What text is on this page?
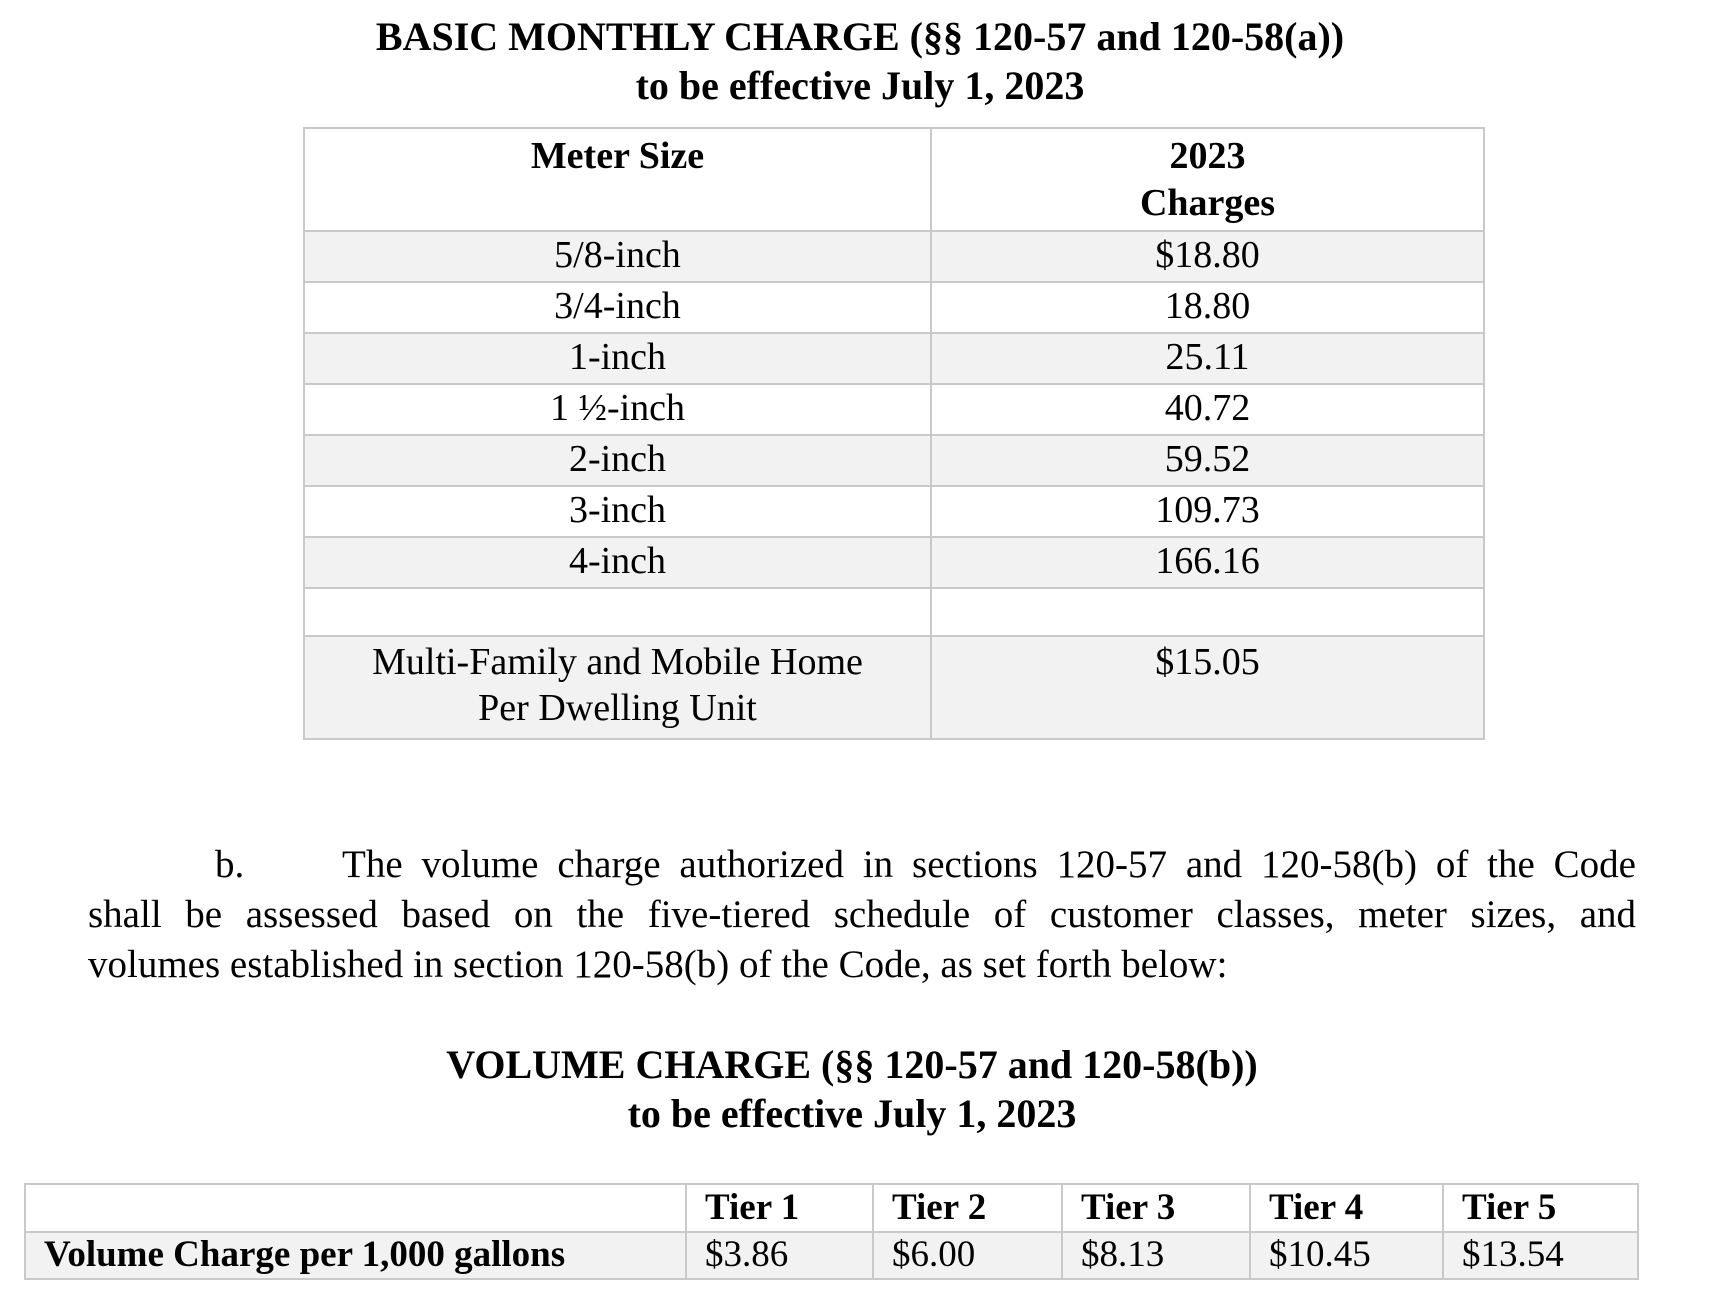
BASIC MONTHLY CHARGE (§§ 120-57 and 120-58(a))
to be effective July 1, 2023
Meter Size	2023
Charges

5/8-inch	$18.80
3/4-inch	18.80
1-inch	25.11
1 ½-inch	40.72
2-inch	59.52
3-inch	109.73
4-inch	166.16

Multi-Family and Mobile Home
Per Dwelling Unit	$15.05
b.	The volume charge authorized in sections 120-57 and 120-58(b) of the Code
shall be assessed based on the five-tiered schedule of customer classes, meter sizes, and
volumes established in section 120-58(b) of the Code, as set forth below:
VOLUME CHARGE (§§ 120-57 and 120-58(b))
to be effective July 1, 2023
	Tier 1	Tier 2	Tier 3	Tier 4	Tier 5
Volume Charge per 1,000 gallons	$3.86	$6.00	$8.13	$10.45	$13.54
